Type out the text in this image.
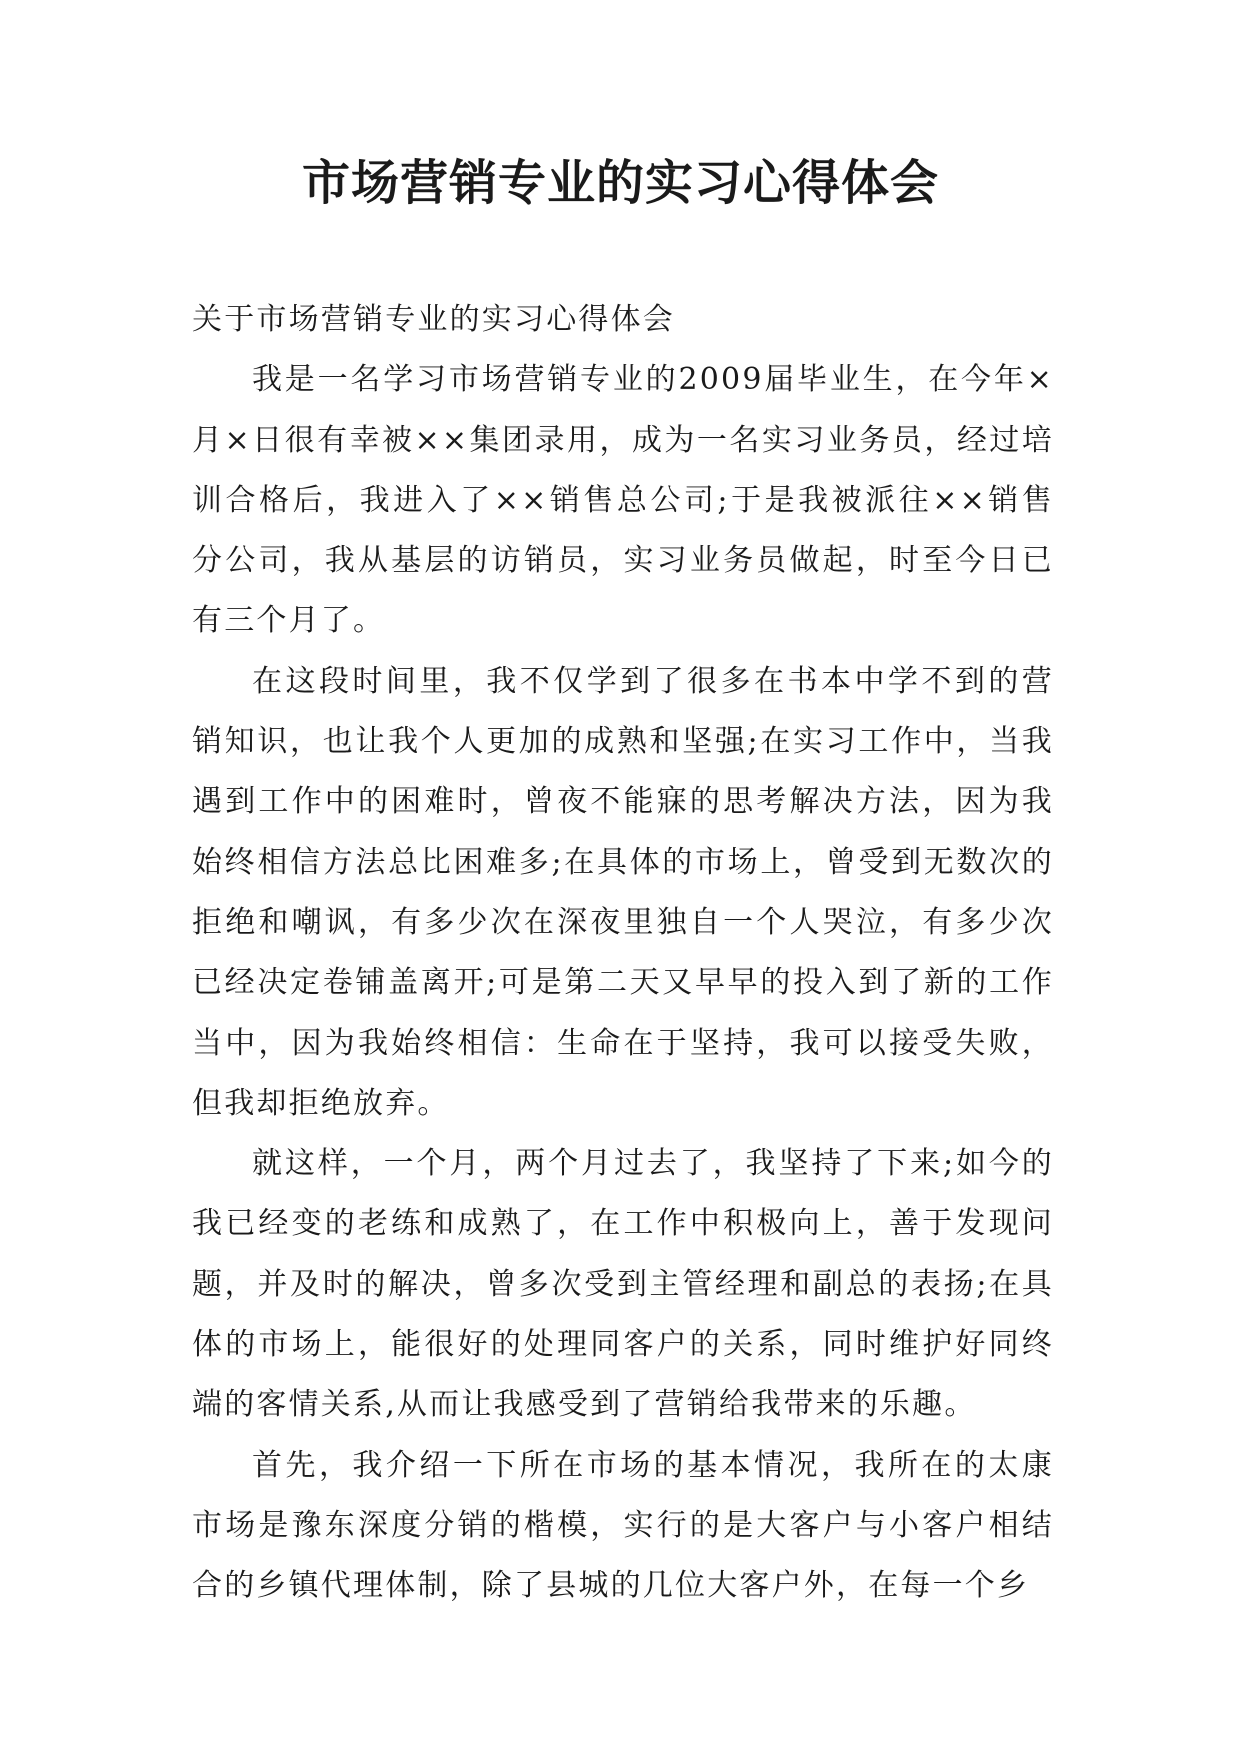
市场营销专业的实习心得体会

关于市场营销专业的实习心得体会

我是一名学习市场营销专业的2009届毕业生，在今年×月×日很有幸被××集团录用，成为一名实习业务员，经过培训合格后，我进入了××销售总公司;于是我被派往××销售分公司，我从基层的访销员，实习业务员做起，时至今日已有三个月了。

在这段时间里，我不仅学到了很多在书本中学不到的营销知识，也让我个人更加的成熟和坚强;在实习工作中，当我遇到工作中的困难时，曾夜不能寐的思考解决方法，因为我始终相信方法总比困难多;在具体的市场上，曾受到无数次的拒绝和嘲讽，有多少次在深夜里独自一个人哭泣，有多少次已经决定卷铺盖离开;可是第二天又早早的投入到了新的工作当中，因为我始终相信：生命在于坚持，我可以接受失败，但我却拒绝放弃。

就这样，一个月，两个月过去了，我坚持了下来;如今的我已经变的老练和成熟了，在工作中积极向上，善于发现问题，并及时的解决，曾多次受到主管经理和副总的表扬;在具体的市场上，能很好的处理同客户的关系，同时维护好同终端的客情关系,从而让我感受到了营销给我带来的乐趣。

首先，我介绍一下所在市场的基本情况，我所在的太康市场是豫东深度分销的楷模，实行的是大客户与小客户相结合的乡镇代理体制，除了县城的几位大客户外，在每一个乡
